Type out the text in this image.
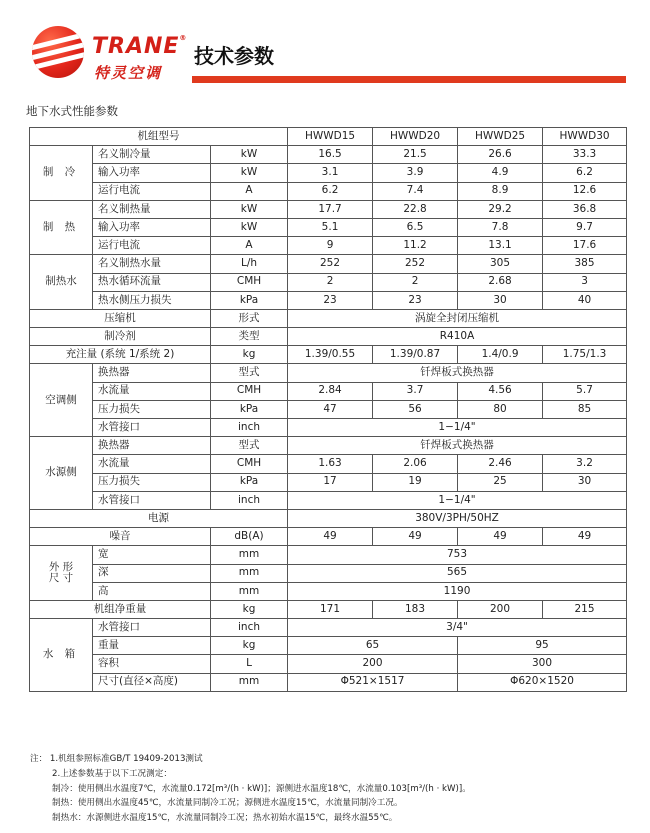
TRANE®
特灵空调
技术参数
地下水式性能参数
机组型号			HWWD15	HWWD20	HWWD25	HWWD30
制 冷	名义制冷量	kW	16.5	21.5	26.6	33.3
	输入功率	kW	3.1	3.9	4.9	6.2
	运行电流	A	6.2	7.4	8.9	12.6
制 热	名义制热量	kW	17.7	22.8	29.2	36.8
	输入功率	kW	5.1	6.5	7.8	9.7
	运行电流	A	9	11.2	13.1	17.6
制热水	名义制热水量	L/h	252	252	305	385
	热水循环流量	CMH	2	2	2.68	3
	热水侧压力损失	kPa	23	23	30	40
压缩机		形式	涡旋全封闭压缩机			
制冷剂		类型	R410A			
充注量 (系统 1/系统 2)		kg	1.39/0.55	1.39/0.87	1.4/0.9	1.75/1.3
空调侧	换热器	型式	钎焊板式换热器			
	水流量	CMH	2.84	3.7	4.56	5.7
	压力损失	kPa	47	56	80	85
	水管接口	inch	1−1/4"			
水源侧	换热器	型式	钎焊板式换热器			
	水流量	CMH	1.63	2.06	2.46	3.2
	压力损失	kPa	17	19	25	30
	水管接口	inch	1−1/4"			
电源			380V/3PH/50HZ			
噪音		dB(A)	49	49	49	49
外 形
尺 寸	宽	mm	753			
	深	mm	565			
	高	mm	1190			
机组净重量		kg	171	183	200	215
水 箱	水管接口	inch	3/4"			
	重量	kg	65		95	
	容积	L	200		300	
	尺寸(直径×高度)	mm	Φ521×1517		Φ620×1520	
注： 1.机组参照标准GB/T 19409-2013测试
2.上述参数基于以下工况测定：
制冷：使用侧出水温度7℃，水流量0.172[m³/(h · kW)]；源侧进水温度18℃，水流量0.103[m³/(h · kW)]。
制热：使用侧出水温度45℃，水流量同制冷工况；源侧进水温度15℃，水流量同制冷工况。
制热水：水源侧进水温度15℃，水流量同制冷工况；热水初始水温15℃，最终水温55℃。
